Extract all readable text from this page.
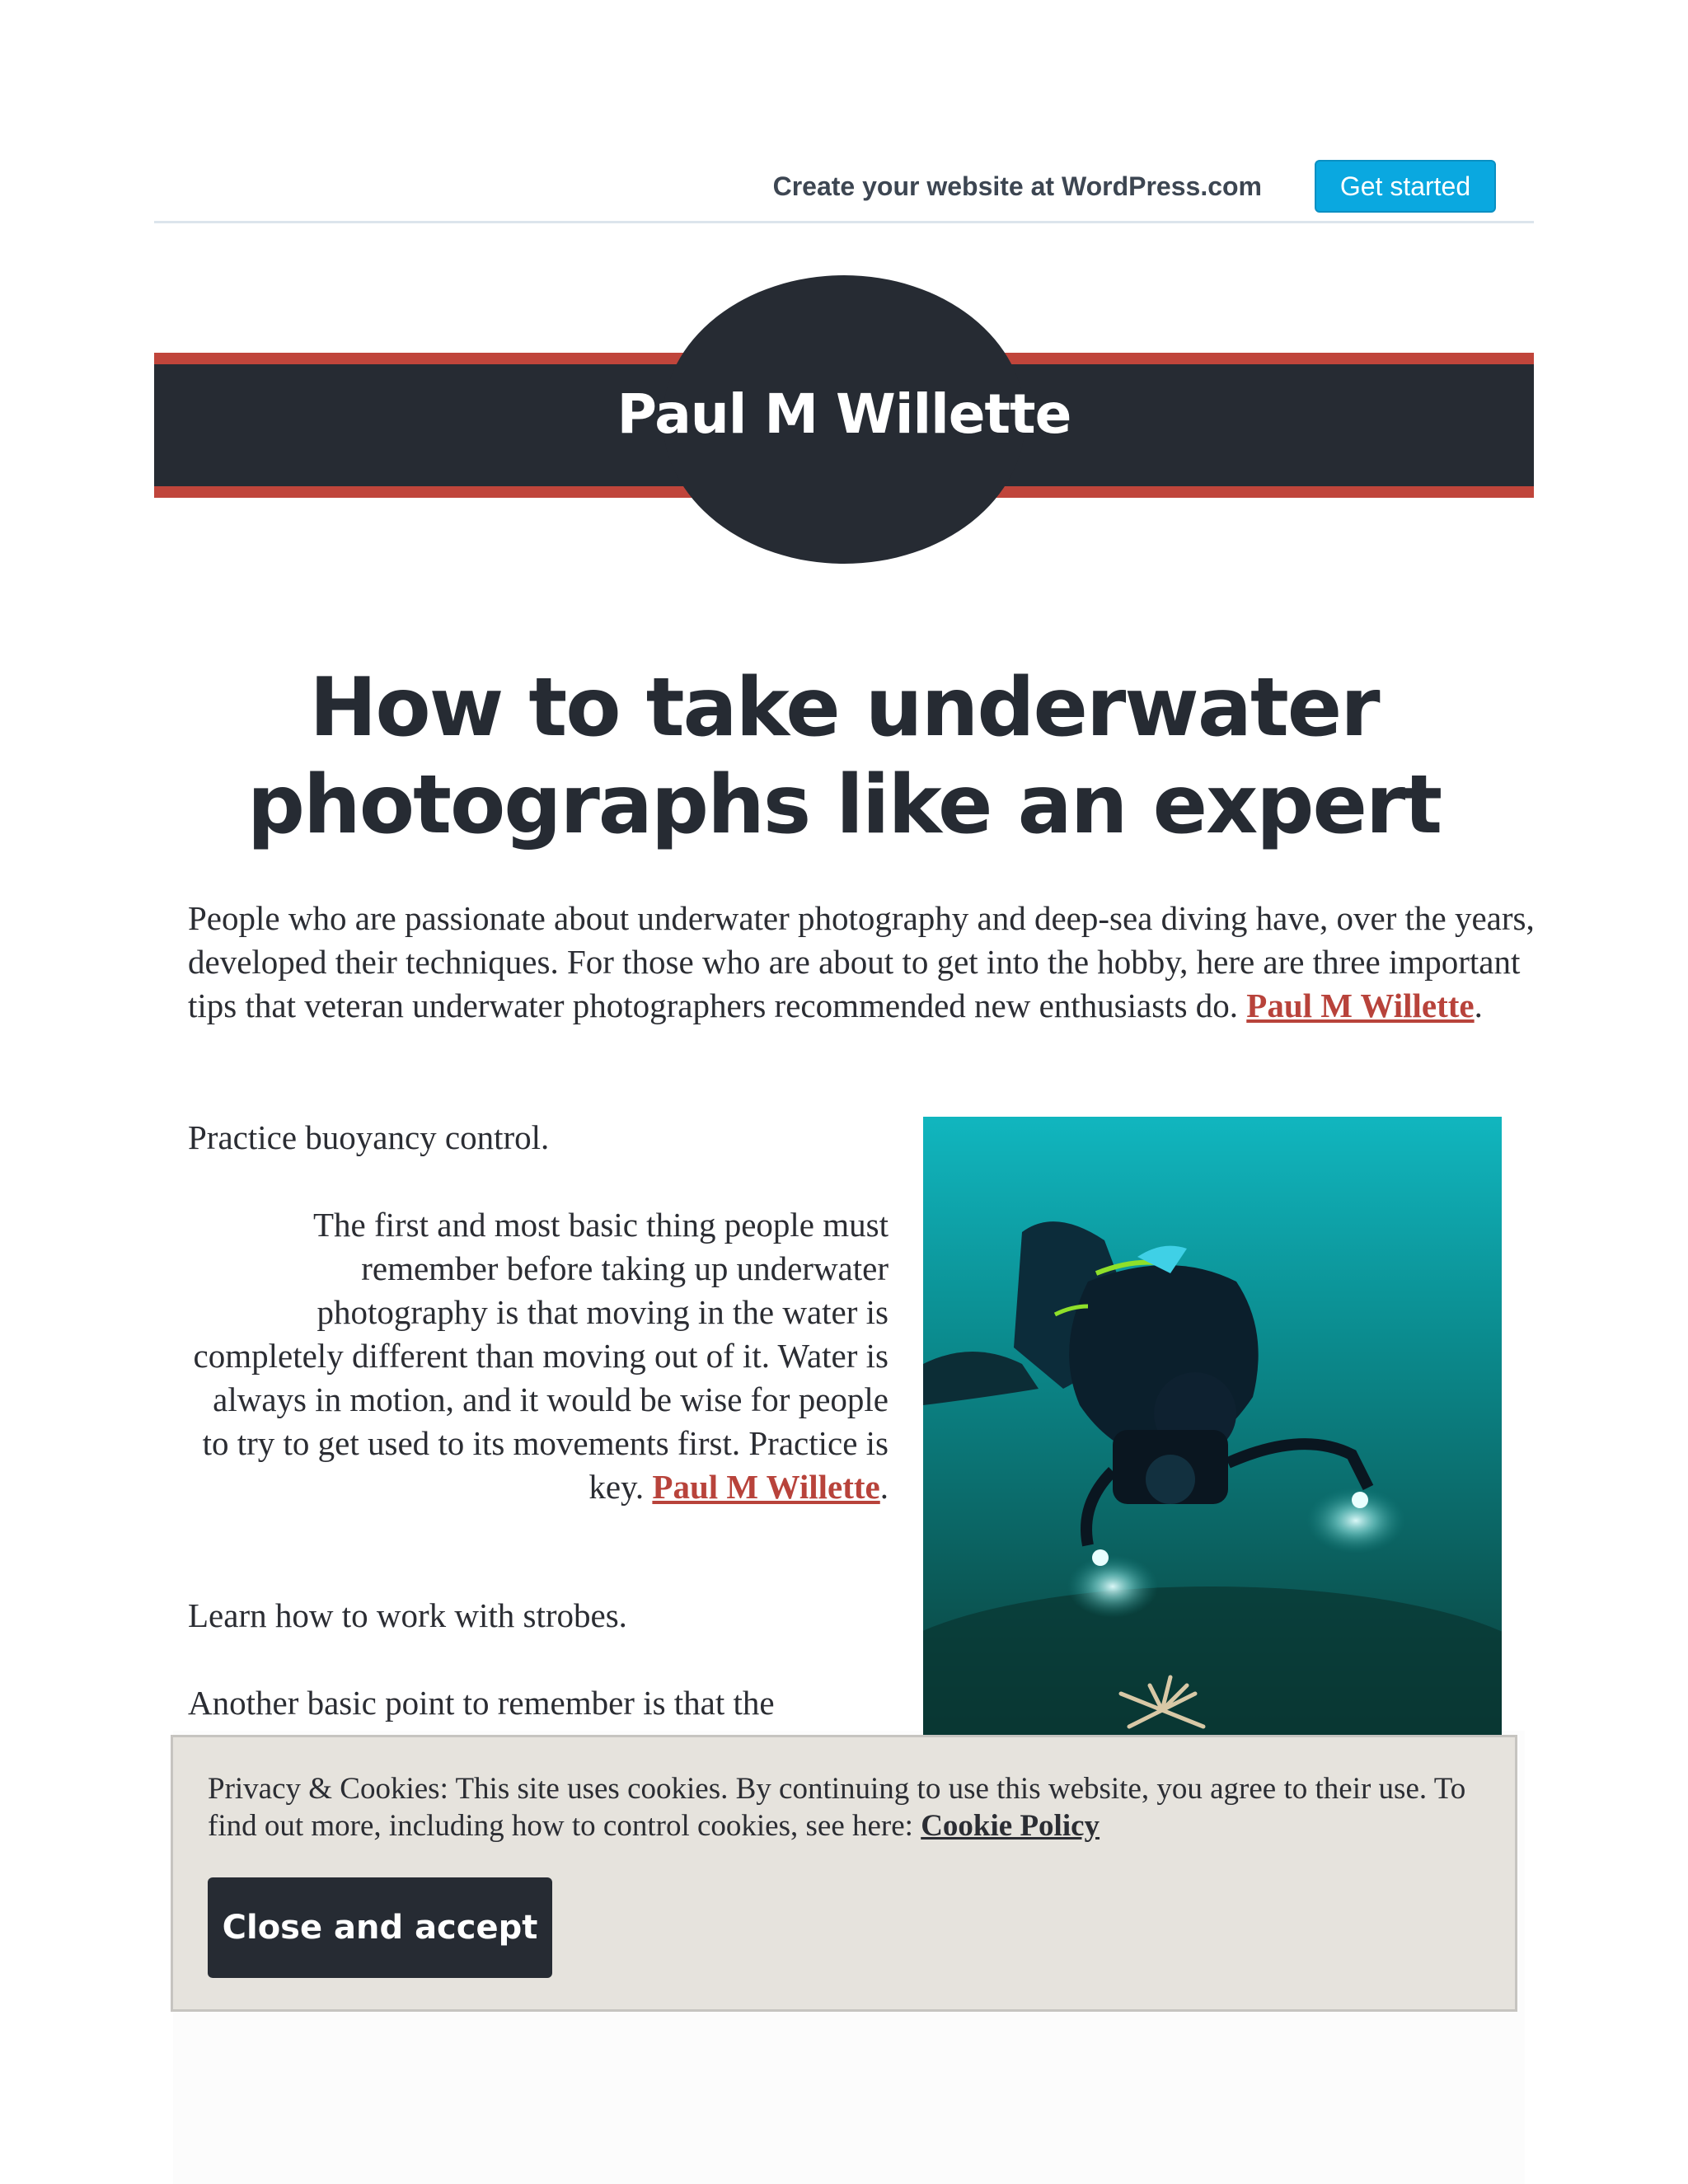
Create your website at WordPress.com	Get started
Paul M Willette
How to take underwater photographs like an expert

People who are passionate about underwater photography and deep-sea diving have, over the years, developed their techniques. For those who are about to get into the hobby, here are three important tips that veteran underwater photographers recommended new enthusiasts do. Paul M Willette.

Practice buoyancy control.

The first and most basic thing people must remember before taking up underwater photography is that moving in the water is completely different than moving out of it. Water is always in motion, and it would be wise for people to try to get used to its movements first. Practice is key. Paul M Willette.

Learn how to work with strobes.

Another basic point to remember is that the

Privacy & Cookies: This site uses cookies. By continuing to use this website, you agree to their use. To find out more, including how to control cookies, see here: Cookie Policy

Close and accept
